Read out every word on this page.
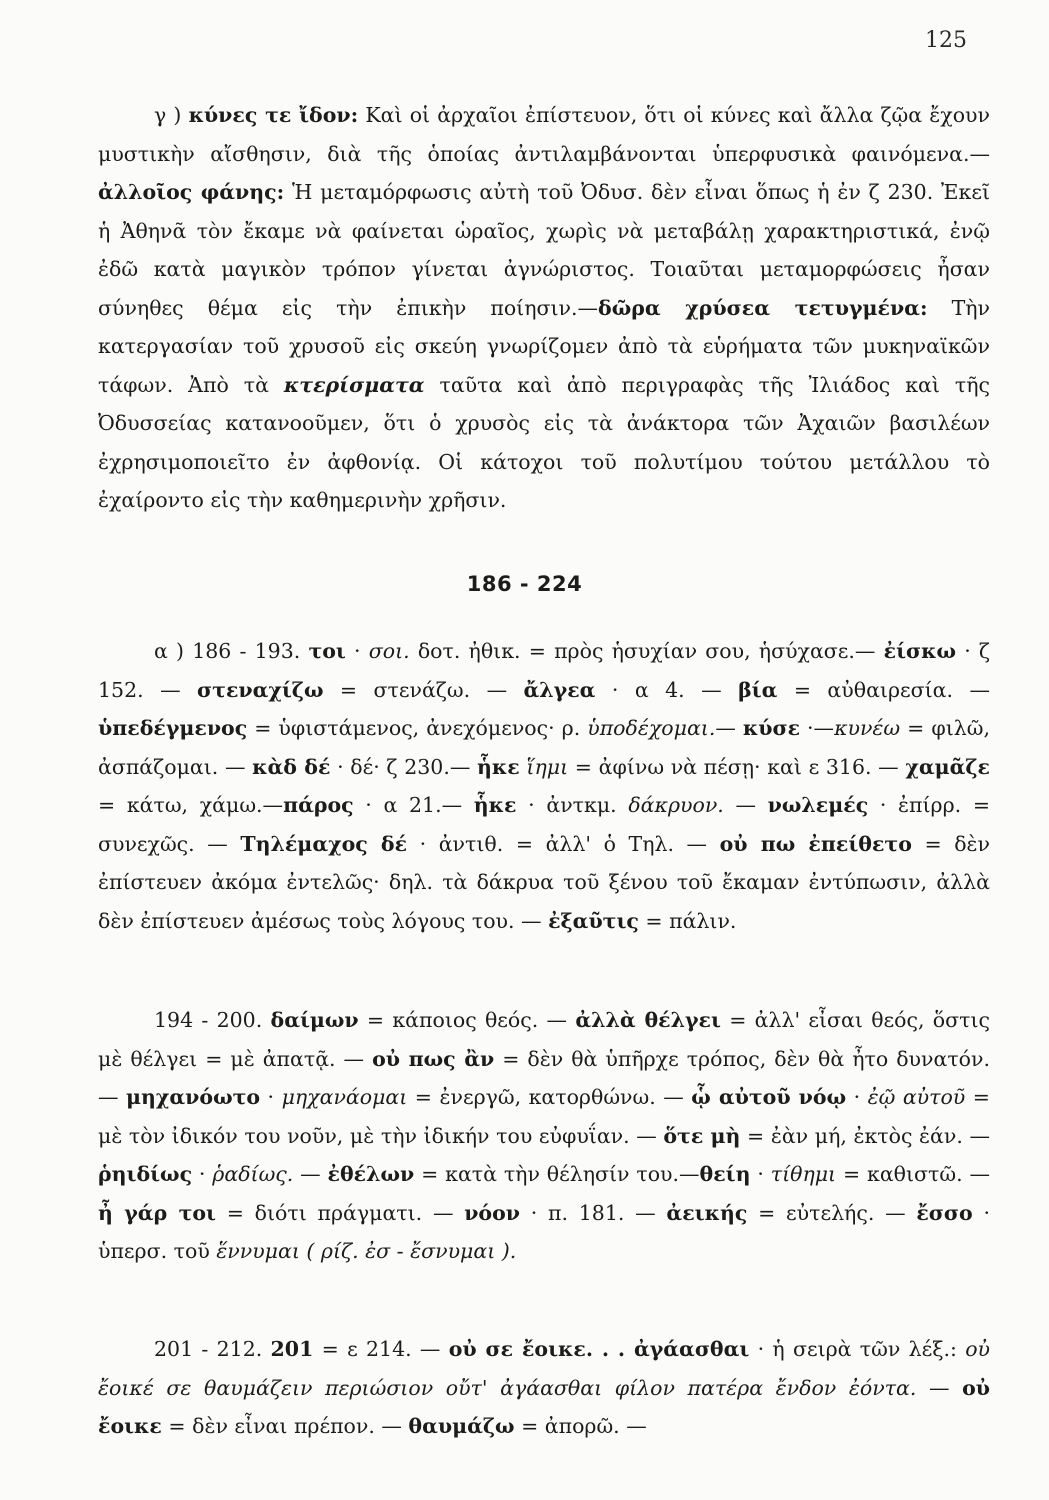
125

γ ) κύνες τε ἴδον: Καὶ οἱ ἀρχαῖοι ἐπίστευον, ὅτι οἱ κύνες καὶ ἄλλα ζῷα ἔχουν μυστικὴν αἴσθησιν, διὰ τῆς ὁποίας ἀντιλαμβάνονται ὑπερφυσικὰ φαινόμενα.—ἀλλοῖος φάνης: Ἡ μεταμόρφωσις αὐτὴ τοῦ Ὀδυσ. δὲν εἶναι ὅπως ἡ ἐν ζ 230. Ἐκεῖ ἡ Ἀθηνᾶ τὸν ἔκαμε νὰ φαίνεται ὡραῖος, χωρὶς νὰ μεταβάλῃ χαρακτηριστικά, ἐνῷ ἐδῶ κατὰ μαγικὸν τρόπον γίνεται ἀγνώριστος. Τοιαῦται μεταμορφώσεις ἦσαν σύνηθες θέμα εἰς τὴν ἐπικὴν ποίησιν.—δῶρα χρύσεα τετυγμένα: Τὴν κατεργασίαν τοῦ χρυσοῦ εἰς σκεύη γνωρίζομεν ἀπὸ τὰ εὑρήματα τῶν μυκηναϊκῶν τάφων. Ἀπὸ τὰ κτερίσματα ταῦτα καὶ ἀπὸ περιγραφὰς τῆς Ἰλιάδος καὶ τῆς Ὀδυσσείας κατανοοῦμεν, ὅτι ὁ χρυσὸς εἰς τὰ ἀνάκτορα τῶν Ἀχαιῶν βασιλέων ἐχρησιμοποιεῖτο ἐν ἀφθονίᾳ. Οἱ κάτοχοι τοῦ πολυτίμου τούτου μετάλλου τὸ ἐχαίροντο εἰς τὴν καθημερινὴν χρῆσιν.

186 - 224

α ) 186 - 193. τοι · σοι. δοτ. ἠθικ. = πρὸς ἡσυχίαν σου, ἡσύχασε.— ἐίσκω · ζ 152. — στεναχίζω = στενάζω. — ἄλγεα · α 4. — βία = αὐθαιρεσία. — ὑπεδέγμενος = ὑφιστάμενος, ἀνεχόμενος· ρ. ὑποδέχομαι.— κύσε ·—κυνέω = φιλῶ, ἀσπάζομαι. — κὰδ δέ · δέ· ζ 230.— ἧκε ἵημι = ἀφίνω νὰ πέσῃ· καὶ ε 316. — χαμᾶζε = κάτω, χάμω.—πάρος · α 21.— ἧκε · ἀντκμ. δάκρυον. — νωλεμές · ἐπίρρ. = συνεχῶς. — Τηλέμαχος δέ · ἀντιθ. = ἀλλ' ὁ Τηλ. — οὐ πω ἐπείθετο = δὲν ἐπίστευεν ἀκόμα ἐντελῶς· δηλ. τὰ δάκρυα τοῦ ξένου τοῦ ἔκαμαν ἐντύπωσιν, ἀλλὰ δὲν ἐπίστευεν ἀμέσως τοὺς λόγους του. — ἐξαῦτις = πάλιν.

194 - 200. δαίμων = κάποιος θεός. — ἀλλὰ θέλγει = ἀλλ' εἶσαι θεός, ὅστις μὲ θέλγει = μὲ ἀπατᾷ. — οὐ πως ἂν = δὲν θὰ ὑπῆρχε τρόπος, δὲν θὰ ἦτο δυνατόν. — μηχανόωτο · μηχανάομαι = ἐνεργῶ, κατορθώνω. — ᾧ αὐτοῦ νόῳ · ἐῷ αὐτοῦ = μὲ τὸν ἰδικόν του νοῦν, μὲ τὴν ἰδικήν του εὐφυΐαν. — ὅτε μὴ = ἐὰν μή, ἐκτὸς ἐάν. — ῥηιδίως · ῥαδίως. — ἐθέλων = κατὰ τὴν θέλησίν του.—θείη · τίθημι = καθιστῶ. — ἦ γάρ τοι = διότι πράγματι. — νόον · π. 181. — ἀεικής = εὐτελής. — ἔσσο · ὑπερσ. τοῦ ἕννυμαι ( ρίζ. ἐσ - ἔσνυμαι ).

201 - 212. 201 = ε 214. — οὐ σε ἔοικε. . . ἀγάασθαι · ἡ σειρὰ τῶν λέξ.: οὐ ἔοικέ σε θαυμάζειν περιώσιον οὔτ' ἀγάασθαι φίλον πατέρα ἔνδον ἐόντα. — οὐ ἔοικε = δὲν εἶναι πρέπον. — θαυμάζω = ἀπορῶ. —
